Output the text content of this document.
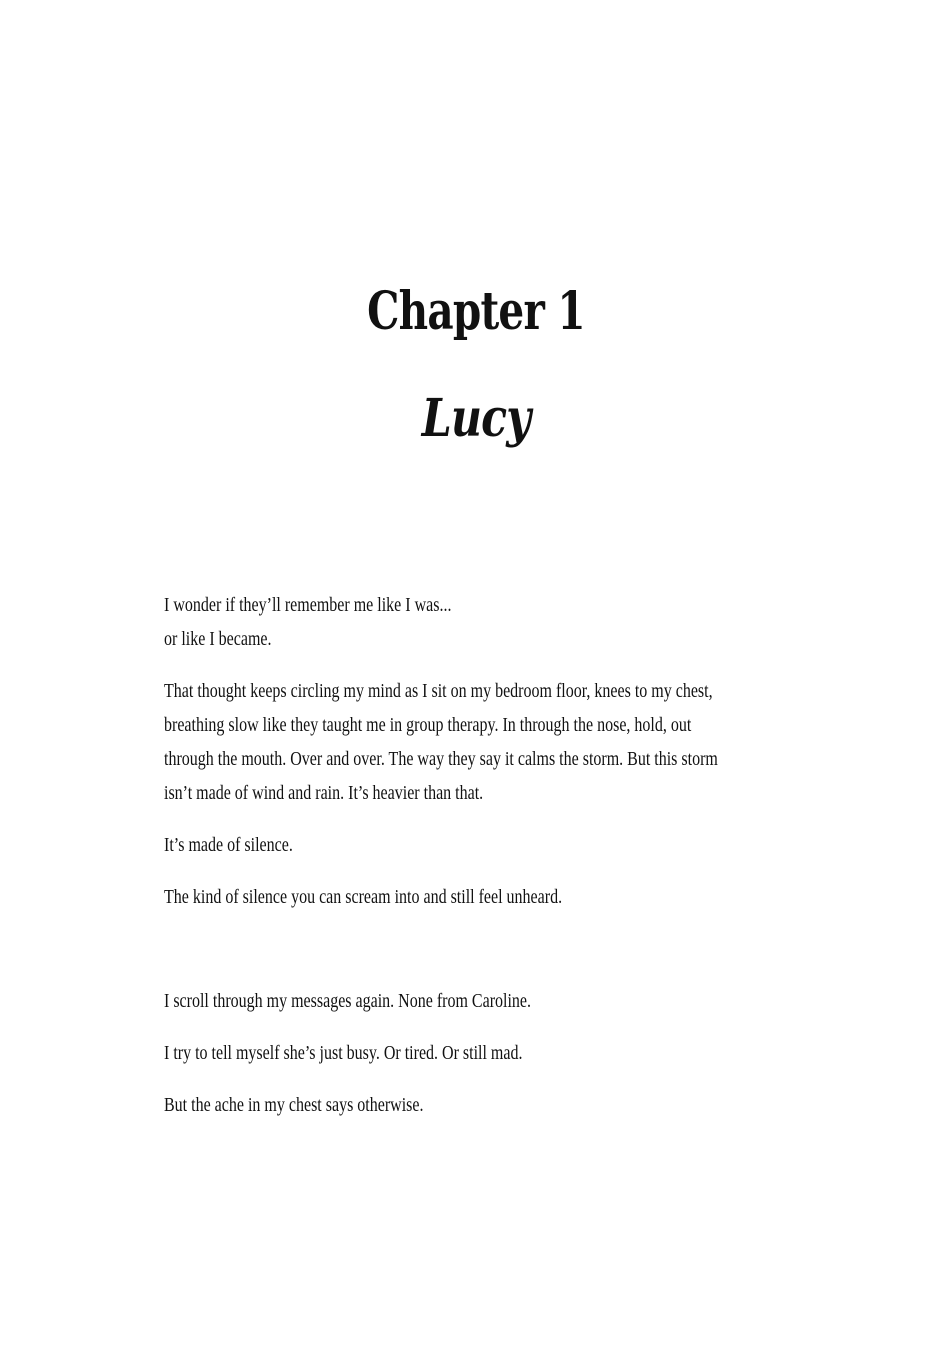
Chapter 1
Lucy

I wonder if they’ll remember me like I was...
or like I became.

That thought keeps circling my mind as I sit on my bedroom floor, knees to my chest,
breathing slow like they taught me in group therapy. In through the nose, hold, out
through the mouth. Over and over. The way they say it calms the storm. But this storm
isn’t made of wind and rain. It’s heavier than that.

It’s made of silence.

The kind of silence you can scream into and still feel unheard.

I scroll through my messages again. None from Caroline.

I try to tell myself she’s just busy. Or tired. Or still mad.

But the ache in my chest says otherwise.
